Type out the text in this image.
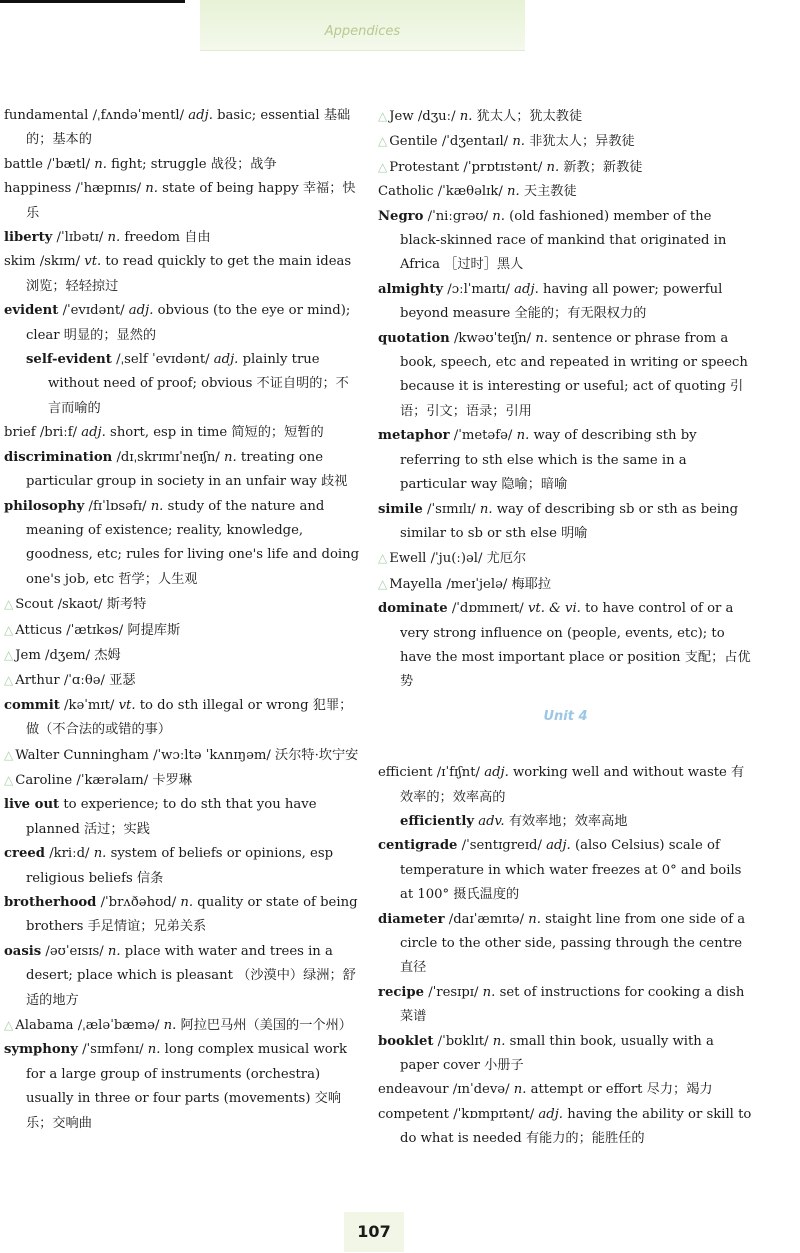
Appendices

fundamental /ˌfʌndəˈmentl/ adj. basic; essential 基础的；基本的

battle /ˈbætl/ n. fight; struggle 战役；战争

happiness /ˈhæpɪnɪs/ n. state of being happy 幸福；快乐

liberty /ˈlɪbətɪ/ n. freedom 自由

skim /skɪm/ vt. to read quickly to get the main ideas 浏览；轻轻掠过

evident /ˈevɪdənt/ adj. obvious (to the eye or mind); clear 明显的；显然的

self-evident /ˌself ˈevɪdənt/ adj. plainly true without need of proof; obvious 不证自明的；不言而喻的

brief /briːf/ adj. short, esp in time 简短的；短暂的

discrimination /dɪˌskrɪmɪˈneɪʃn/ n. treating one particular group in society in an unfair way 歧视

philosophy /fɪˈlɒsəfɪ/ n. study of the nature and meaning of existence; reality, knowledge, goodness, etc; rules for living one's life and doing one's job, etc 哲学；人生观

△ Scout /skaʊt/ 斯考特

△ Atticus /ˈætɪkəs/ 阿提库斯

△ Jem /dʒem/ 杰姆

△ Arthur /ˈɑːθə/ 亚瑟

commit /kəˈmɪt/ vt. to do sth illegal or wrong 犯罪；做（不合法的或错的事）

△ Walter Cunningham /ˈwɔːltə ˈkʌnɪŋəm/ 沃尔特·坎宁安

△ Caroline /ˈkærəlaɪn/ 卡罗琳

live out to experience; to do sth that you have planned 活过；实践

creed /kriːd/ n. system of beliefs or opinions, esp religious beliefs 信条

brotherhood /ˈbrʌðəhʊd/ n. quality or state of being brothers 手足情谊；兄弟关系

oasis /əʊˈeɪsɪs/ n. place with water and trees in a desert; place which is pleasant （沙漠中）绿洲；舒适的地方

△ Alabama /ˌæləˈbæmə/ n. 阿拉巴马州（美国的一个州）

symphony /ˈsɪmfənɪ/ n. long complex musical work for a large group of instruments (orchestra) usually in three or four parts (movements) 交响乐；交响曲

△ Jew /dʒuː/ n. 犹太人；犹太教徒

△ Gentile /ˈdʒentaɪl/ n. 非犹太人；异教徒

△ Protestant /ˈprɒtɪstənt/ n. 新教；新教徒

Catholic /ˈkæθəlɪk/ n. 天主教徒

Negro /ˈniːgrəʊ/ n. (old fashioned) member of the black-skinned race of mankind that originated in Africa ［过时］黑人

almighty /ɔːlˈmaɪtɪ/ adj. having all power; powerful beyond measure 全能的；有无限权力的

quotation /kwəʊˈteɪʃn/ n. sentence or phrase from a book, speech, etc and repeated in writing or speech because it is interesting or useful; act of quoting 引语；引文；语录；引用

metaphor /ˈmetəfə/ n. way of describing sth by referring to sth else which is the same in a particular way 隐喻；暗喻

simile /ˈsɪmɪlɪ/ n. way of describing sb or sth as being similar to sb or sth else 明喻

△ Ewell /ˈju(ː)əl/ 尤厄尔

△ Mayella /meɪˈjelə/ 梅耶拉

dominate /ˈdɒmɪneɪt/ vt. & vi. to have control of or a very strong influence on (people, events, etc); to have the most important place or position 支配；占优势

Unit 4

efficient /ɪˈfɪʃnt/ adj. working well and without waste 有效率的；效率高的

efficiently adv. 有效率地；效率高地

centigrade /ˈsentɪgreɪd/ adj. (also Celsius) scale of temperature in which water freezes at 0° and boils at 100° 摄氏温度的

diameter /daɪˈæmɪtə/ n. staight line from one side of a circle to the other side, passing through the centre 直径

recipe /ˈresɪpɪ/ n. set of instructions for cooking a dish 菜谱

booklet /ˈbʊklɪt/ n. small thin book, usually with a paper cover 小册子

endeavour /ɪnˈdevə/ n. attempt or effort 尽力；竭力

competent /ˈkɒmpɪtənt/ adj. having the ability or skill to do what is needed 有能力的；能胜任的

107
